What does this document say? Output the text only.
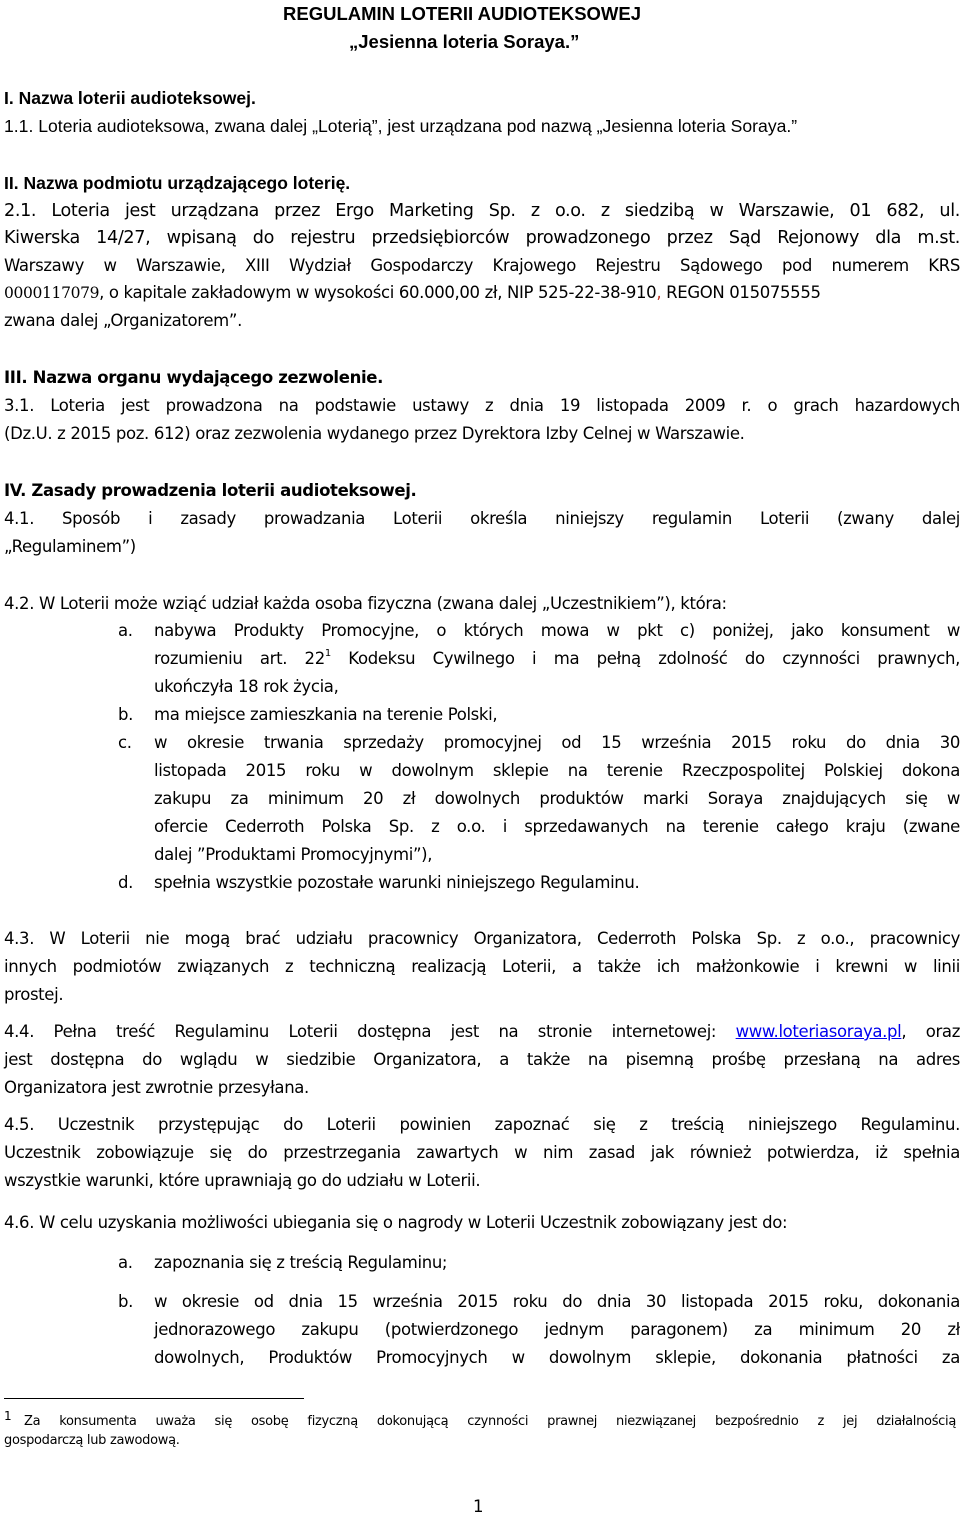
REGULAMIN LOTERII AUDIOTEKSOWEJ
„Jesienna loteria Soraya.”
I. Nazwa loterii audioteksowej.
1.1. Loteria audioteksowa, zwana dalej „Loterią”, jest urządzana pod nazwą „Jesienna loteria Soraya.”
II. Nazwa podmiotu urządzającego loterię.
2.1. Loteria jest urządzana przez Ergo Marketing Sp. z o.o. z siedzibą w Warszawie, 01 682, ul.
Kiwerska 14/27, wpisaną do rejestru przedsiębiorców prowadzonego przez Sąd Rejonowy dla m.st.
Warszawy w Warszawie, XIII Wydział Gospodarczy Krajowego Rejestru Sądowego pod numerem KRS
0000117079, o kapitale zakładowym w wysokości 60.000,00 zł, NIP 525-22-38-910, REGON 015075555
zwana dalej „Organizatorem”.
III. Nazwa organu wydającego zezwolenie.
3.1. Loteria jest prowadzona na podstawie ustawy z dnia 19 listopada 2009 r. o grach hazardowych
(Dz.U. z 2015 poz. 612) oraz zezwolenia wydanego przez Dyrektora Izby Celnej w Warszawie.
IV. Zasady prowadzenia loterii audioteksowej.
4.1. Sposób i zasady prowadzania Loterii określa niniejszy regulamin Loterii (zwany dalej
„Regulaminem”)
4.2. W Loterii może wziąć udział każda osoba fizyczna (zwana dalej „Uczestnikiem”), która:
a. nabywa Produkty Promocyjne, o których mowa w pkt c) poniżej, jako konsument w
rozumieniu art. $22^1$ Kodeksu Cywilnego i ma pełną zdolność do czynności prawnych,
ukończyła 18 rok życia,
b. ma miejsce zamieszkania na terenie Polski,
c. w okresie trwania sprzedaży promocyjnej od 15 września 2015 roku do dnia 30
listopada 2015 roku w dowolnym sklepie na terenie Rzeczpospolitej Polskiej dokona
zakupu za minimum 20 zł dowolnych produktów marki Soraya znajdujących się w
ofercie Cederroth Polska Sp. z o.o. i sprzedawanych na terenie całego kraju (zwane
dalej ”Produktami Promocyjnymi”),
d. spełnia wszystkie pozostałe warunki niniejszego Regulaminu.
4.3. W Loterii nie mogą brać udziału pracownicy Organizatora, Cederroth Polska Sp. z o.o., pracownicy
innych podmiotów związanych z techniczną realizacją Loterii, a także ich małżonkowie i krewni w linii
prostej.
4.4. Pełna treść Regulaminu Loterii dostępna jest na stronie internetowej: www.loteriasoraya.pl, oraz
jest dostępna do wglądu w siedzibie Organizatora, a także na pisemną prośbę przesłaną na adres
Organizatora jest zwrotnie przesyłana.
4.5. Uczestnik przystępując do Loterii powinien zapoznać się z treścią niniejszego Regulaminu.
Uczestnik zobowiązuje się do przestrzegania zawartych w nim zasad jak również potwierdza, iż spełnia
wszystkie warunki, które uprawniają go do udziału w Loterii.
4.6. W celu uzyskania możliwości ubiegania się o nagrody w Loterii Uczestnik zobowiązany jest do:
a. zapoznania się z treścią Regulaminu;
b. w okresie od dnia 15 września 2015 roku do dnia 30 listopada 2015 roku, dokonania
jednorazowego zakupu (potwierdzonego jednym paragonem) za minimum 20 zł
dowolnych, Produktów Promocyjnych w dowolnym sklepie, dokonania płatności za
1 Za konsumenta uważa się osobę fizyczną dokonującą czynności prawnej niezwiązanej bezpośrednio z jej działalnością
gospodarczą lub zawodową.
1
